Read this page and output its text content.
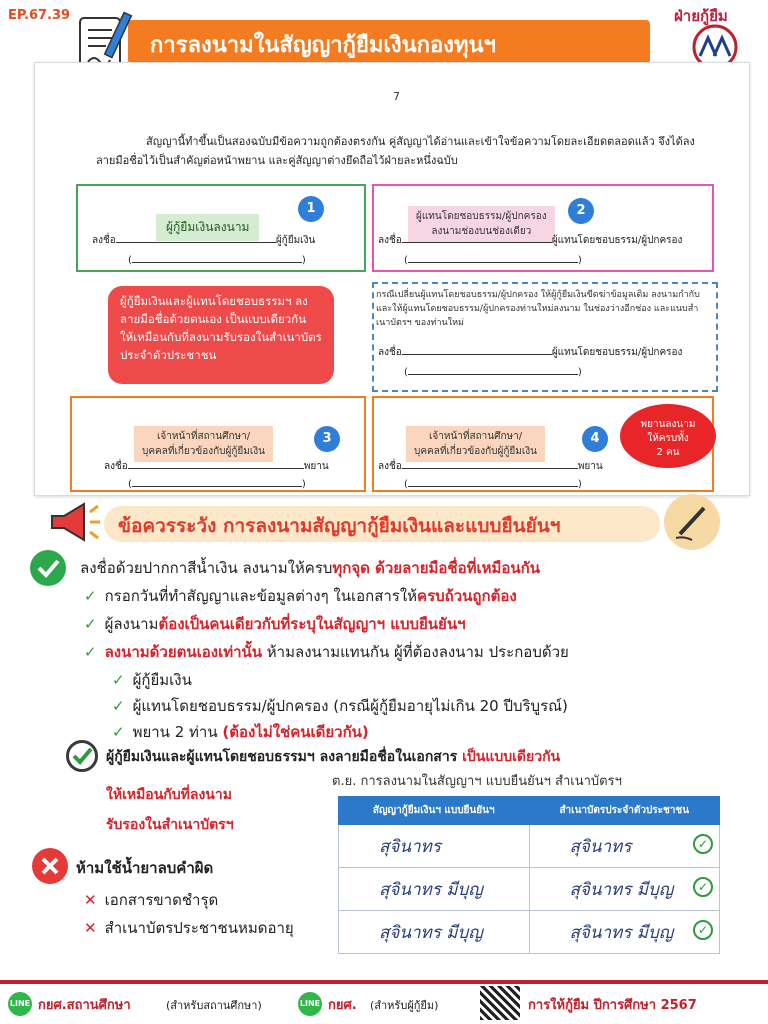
EP.67.39
การลงนามในสัญญากู้ยืมเงินกองทุนฯ
ฝ่ายกู้ยืม
7
สัญญานี้ทำขึ้นเป็นสองฉบับมีข้อความถูกต้องตรงกัน คู่สัญญาได้อ่านและเข้าใจข้อความโดยละเอียดตลอดแล้ว จึงได้ลงลายมือชื่อไว้เป็นสำคัญต่อหน้าพยาน และคู่สัญญาต่างยึดถือไว้ฝ่ายละหนึ่งฉบับ
ผู้กู้ยืมเงินลงนาม
1
ลงชื่อ	ผู้กู้ยืมเงิน
(	)
ผู้แทนโดยชอบธรรม/ผู้ปกครอง
ลงนามช่องบนช่องเดียว
2
ลงชื่อ	ผู้แทนโดยชอบธรรม/ผู้ปกครอง
(	)
ผู้กู้ยืมเงินและผู้แทนโดยชอบธรรมฯ ลงลายมือชื่อด้วยตนเอง เป็นแบบเดียวกัน ให้เหมือนกับที่ลงนามรับรองในสำเนาบัตรประจำตัวประชาชน
กรณีเปลี่ยนผู้แทนโดยชอบธรรม/ผู้ปกครอง ให้ผู้กู้ยืมเงินขีดฆ่าข้อมูลเดิม ลงนามกำกับและให้ผู้แทนโดยชอบธรรม/ผู้ปกครองท่านใหม่ลงนาม ในช่องว่างอีกช่อง และแนบสำเนาบัตรฯ ของท่านใหม่
ลงชื่อ	ผู้แทนโดยชอบธรรม/ผู้ปกครอง
(	)
เจ้าหน้าที่สถานศึกษา/
บุคคลที่เกี่ยวข้องกับผู้กู้ยืมเงิน
3
ลงชื่อ	พยาน
(	)
เจ้าหน้าที่สถานศึกษา/
บุคคลที่เกี่ยวข้องกับผู้กู้ยืมเงิน
4
ลงชื่อ	พยาน
(	)
พยานลงนาม
ให้ครบทั้ง
2 คน
ข้อควรระวัง การลงนามสัญญากู้ยืมเงินและแบบยืนยันฯ
ลงชื่อด้วยปากกาสีน้ำเงิน ลงนามให้ครบทุกจุด ด้วยลายมือชื่อที่เหมือนกัน
✓ กรอกวันที่ทำสัญญาและข้อมูลต่างๆ ในเอกสารให้ครบถ้วนถูกต้อง
✓ ผู้ลงนามต้องเป็นคนเดียวกับที่ระบุในสัญญาฯ แบบยืนยันฯ
✓ ลงนามด้วยตนเองเท่านั้น ห้ามลงนามแทนกัน ผู้ที่ต้องลงนาม ประกอบด้วย
✓ ผู้กู้ยืมเงิน
✓ ผู้แทนโดยชอบธรรม/ผู้ปกครอง (กรณีผู้กู้ยืมอายุไม่เกิน 20 ปีบริบูรณ์)
✓ พยาน 2 ท่าน (ต้องไม่ใช่คนเดียวกัน)
ผู้กู้ยืมเงินและผู้แทนโดยชอบธรรมฯ ลงลายมือชื่อในเอกสาร เป็นแบบเดียวกัน
ให้เหมือนกับที่ลงนาม
รับรองในสำเนาบัตรฯ
ห้ามใช้น้ำยาลบคำผิด
✕ เอกสารขาดชำรุด
✕ สำเนาบัตรประชาชนหมดอายุ
ต.ย. การลงนามในสัญญาฯ แบบยืนยันฯ สำเนาบัตรฯ
สัญญากู้ยืมเงินฯ แบบยืนยันฯ	สำเนาบัตรประจำตัวประชาชน
สุจินาทร	สุจินาทร ✓

สุจินาทร มีบุญ	สุจินาทร มีบุญ ✓

สุจินาทร มีบุญ	สุจินาทร มีบุญ ✓
LINE กยศ.สถานศึกษา	(สำหรับสถานศึกษา)	LINE กยศ. (สำหรับผู้กู้ยืม)	การให้กู้ยืม ปีการศึกษา 2567
